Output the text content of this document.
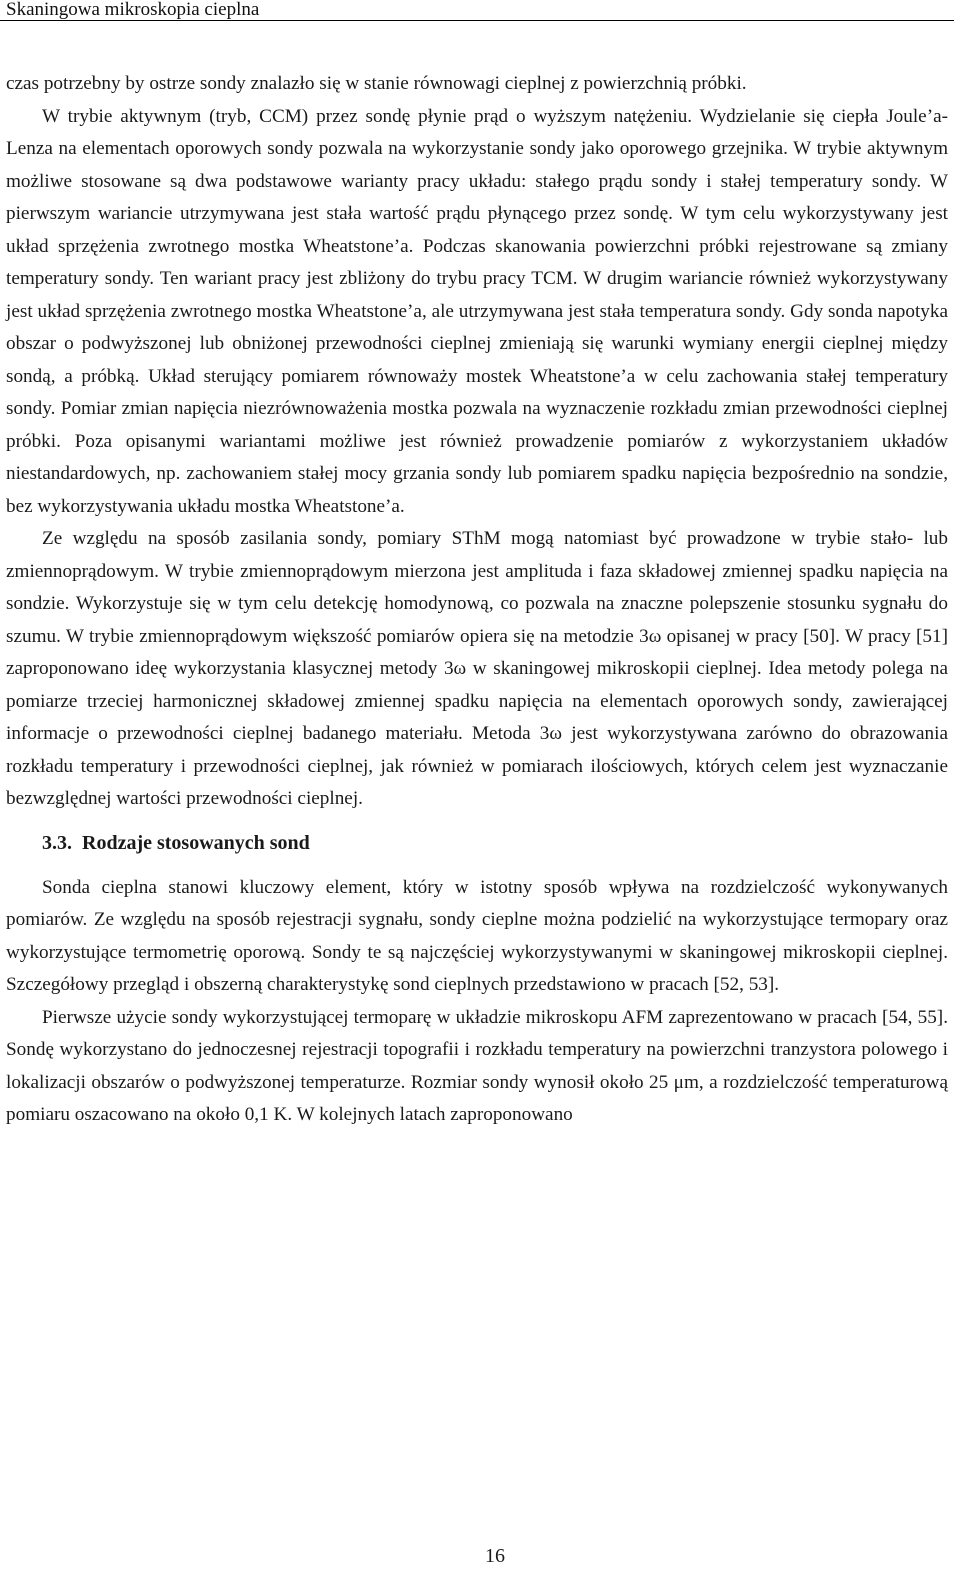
Skaningowa mikroskopia cieplna

czas potrzebny by ostrze sondy znalazło się w stanie równowagi cieplnej z powierzchnią próbki.

W trybie aktywnym (tryb, CCM) przez sondę płynie prąd o wyższym natężeniu. Wydzielanie się ciepła Joule’a-Lenza na elementach oporowych sondy pozwala na wykorzystanie sondy jako oporowego grzejnika. W trybie aktywnym możliwe stosowane są dwa podstawowe warianty pracy układu: stałego prądu sondy i stałej temperatury sondy. W pierwszym wariancie utrzymywana jest stała wartość prądu płynącego przez sondę. W tym celu wykorzystywany jest układ sprzężenia zwrotnego mostka Wheatstone’a. Podczas skanowania powierzchni próbki rejestrowane są zmiany temperatury sondy. Ten wariant pracy jest zbliżony do trybu pracy TCM. W drugim wariancie również wykorzystywany jest układ sprzężenia zwrotnego mostka Wheatstone’a, ale utrzymywana jest stała temperatura sondy. Gdy sonda napotyka obszar o podwyższonej lub obniżonej przewodności cieplnej zmieniają się warunki wymiany energii cieplnej między sondą, a próbką. Układ sterujący pomiarem równoważy mostek Wheatstone’a w celu zachowania stałej temperatury sondy. Pomiar zmian napięcia niezrównoważenia mostka pozwala na wyznaczenie rozkładu zmian przewodności cieplnej próbki. Poza opisanymi wariantami możliwe jest również prowadzenie pomiarów z wykorzystaniem układów niestandardowych, np. zachowaniem stałej mocy grzania sondy lub pomiarem spadku napięcia bezpośrednio na sondzie, bez wykorzystywania układu mostka Wheatstone’a.

Ze względu na sposób zasilania sondy, pomiary SThM mogą natomiast być prowadzone w trybie stało- lub zmiennoprądowym. W trybie zmiennoprądowym mierzona jest amplituda i faza składowej zmiennej spadku napięcia na sondzie. Wykorzystuje się w tym celu detekcję homodynową, co pozwala na znaczne polepszenie stosunku sygnału do szumu. W trybie zmiennoprądowym większość pomiarów opiera się na metodzie 3ω opisanej w pracy [50]. W pracy [51] zaproponowano ideę wykorzystania klasycznej metody 3ω w skaningowej mikroskopii cieplnej. Idea metody polega na pomiarze trzeciej harmonicznej składowej zmiennej spadku napięcia na elementach oporowych sondy, zawierającej informacje o przewodności cieplnej badanego materiału. Metoda 3ω jest wykorzystywana zarówno do obrazowania rozkładu temperatury i przewodności cieplnej, jak również w pomiarach ilościowych, których celem jest wyznaczanie bezwzględnej wartości przewodności cieplnej.

3.3. Rodzaje stosowanych sond

Sonda cieplna stanowi kluczowy element, który w istotny sposób wpływa na rozdzielczość wykonywanych pomiarów. Ze względu na sposób rejestracji sygnału, sondy cieplne można podzielić na wykorzystujące termopary oraz wykorzystujące termometrię oporową. Sondy te są najczęściej wykorzystywanymi w skaningowej mikroskopii cieplnej. Szczegółowy przegląd i obszerną charakterystykę sond cieplnych przedstawiono w pracach [52, 53].

Pierwsze użycie sondy wykorzystującej termoparę w układzie mikroskopu AFM zaprezentowano w pracach [54, 55]. Sondę wykorzystano do jednoczesnej rejestracji topografii i rozkładu temperatury na powierzchni tranzystora polowego i lokalizacji obszarów o podwyższonej temperaturze. Rozmiar sondy wynosił około 25 μm, a rozdzielczość temperaturową pomiaru oszacowano na około 0,1 K. W kolejnych latach zaproponowano

16
